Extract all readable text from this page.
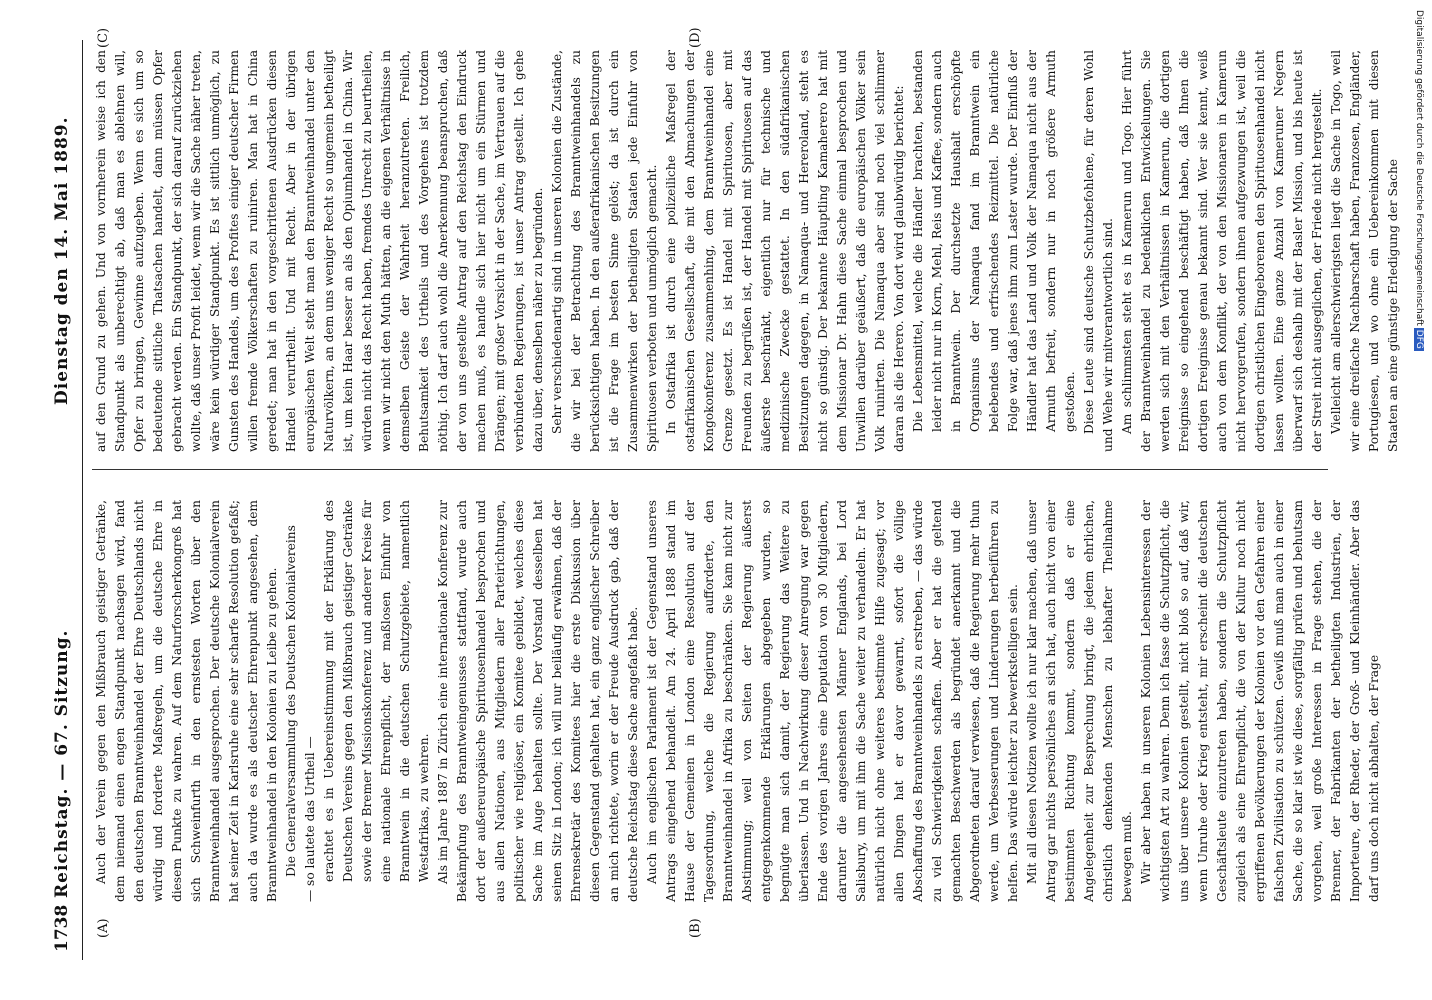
1738
Reichstag. — 67. Sitzung.
Dienstag den 14. Mai 1889.
(A)	(B)
(C)	(D)

Auch der Verein gegen den Mißbrauch geistiger Getränke, dem niemand einen engen Standpunkt nachsagen wird, fand den deutschen Branntweinhandel der Ehre Deutschlands nicht würdig und forderte Maßregeln, um die deutsche Ehre in diesem Punkte zu wahren. Auf dem Naturforscherkongreß hat sich Schweinfurth in den ernstesten Worten über den Branntweinhandel ausgesprochen. Der deutsche Kolonialverein hat seiner Zeit in Karlsruhe eine sehr scharfe Resolution gefaßt; auch da wurde es als deutscher Ehrenpunkt angesehen, dem Branntweinhandel in den Kolonien zu Leibe zu gehen. Die Generalversammlung des Deutschen Kolonialvereins — so lautete das Urtheil — erachtet es in Uebereinstimmung mit der Erklärung des Deutschen Vereins gegen den Mißbrauch geistiger Getränke sowie der Bremer Missionskonferenz und anderer Kreise für eine nationale Ehrenpflicht, der maßlosen Einfuhr von Branntwein in die deutschen Schutzgebiete, namentlich Westafrikas, zu wehren. Als im Jahre 1887 in Zürich eine internationale Konferenz zur Bekämpfung des Branntweingenusses stattfand, wurde auch dort der außereuropäische Spirituosenhandel besprochen und aus allen Nationen, aus Mitgliedern aller Parteirichtungen, politischer wie religiöser, ein Komitee gebildet, welches diese Sache im Auge behalten sollte. Der Vorstand desselben hat seinen Sitz in London; ich will nur beiläufig erwähnen, daß der Ehrensekretär des Komitees hier die erste Diskussion über diesen Gegenstand gehalten hat, ein ganz englischer Schreiber an mich richtete, worin er der Freude Ausdruck gab, daß der deutsche Reichstag diese Sache angefaßt habe. Auch im englischen Parlament ist der Gegenstand unseres Antrags eingehend behandelt. Am 24. April 1888 stand im Hause der Gemeinen in London eine Resolution auf der Tagesordnung, welche die Regierung aufforderte, den Branntweinhandel in Afrika zu beschränken. Sie kam nicht zur Abstimmung; weil von Seiten der Regierung äußerst entgegenkommende Erklärungen abgegeben wurden, so begnügte man sich damit, der Regierung das Weitere zu überlassen. Und in Nachwirkung dieser Anregung war gegen Ende des vorigen Jahres eine Deputation von 30 Mitgliedern, darunter die angesehensten Männer Englands, bei Lord Salisbury, um mit ihm die Sache weiter zu verhandeln. Er hat natürlich nicht ohne weiteres bestimmte Hilfe zugesagt; vor allen Dingen hat er davor gewarnt, sofort die völlige Abschaffung des Branntweinhandels zu erstreben, — das würde zu viel Schwierigkeiten schaffen. Aber er hat die geltend gemachten Beschwerden als begründet anerkannt und die Abgeordneten darauf verwiesen, daß die Regierung mehr thun werde, um Verbesserungen und Linderungen herbeiführen zu helfen. Das würde leichter zu bewerkstelligen sein. Mit all diesen Notizen wollte ich nur klar machen, daß unser Antrag gar nichts persönliches an sich hat, auch nicht von einer bestimmten Richtung kommt, sondern daß er eine Angelegenheit zur Besprechung bringt, die jedem ehrlichen, christlich denkenden Menschen zu lebhafter Theilnahme bewegen muß. Wir aber haben in unseren Kolonien Lebensinteressen der wichtigsten Art zu wahren. Denn ich fasse die Schutzpflicht, die uns über unsere Kolonien gestellt, nicht bloß so auf, daß wir, wenn Unruhe oder Krieg entsteht, mir erscheint die deutschen Geschäftsleute einzutreten haben, sondern die Schutzpflicht zugleich als eine Ehrenpflicht, die von der Kultur noch nicht ergriffenen Bevölkerungen der Kolonien vor den Gefahren einer falschen Zivilisation zu schützen. Gewiß muß man auch in einer Sache, die so klar ist wie diese, sorgfältig prüfen und behutsam vorgehen, weil große Interessen in Frage stehen, die der Brenner, der Fabrikanten der betheiligten Industrien, der Importeure, der Rheder, der Groß- und Kleinhändler. Aber das darf uns doch nicht abhalten, der Frage

auf den Grund zu gehen. Und von vornherein weise ich den Standpunkt als unberechtigt ab, daß man es ablehnen will, Opfer zu bringen, Gewinne aufzugeben. Wenn es sich um so bedeutende sittliche Thatsachen handelt, dann müssen Opfer gebracht werden. Ein Standpunkt, der sich darauf zurückziehen wollte, daß unser Profit leidet, wenn wir die Sache näher treten, wäre kein würdiger Standpunkt. Es ist sittlich unmöglich, zu Gunsten des Handels, um des Profites einiger deutscher Firmen willen fremde Völkerschaften zu ruiniren. Man hat in China geredet; man hat in den vorgeschrittenen Ausdrücken diesen Handel verurtheilt. Und mit Recht. Aber in der übrigen europäischen Welt steht man den Branntweinhandel unter den Naturvölkern, an dem uns weniger Recht so ungemein betheiligt ist, um kein Haar besser an als den Opiumhandel in China. Wir würden nicht das Recht haben, fremdes Unrecht zu beurtheilen, wenn wir nicht den Muth hätten, an die eigenen Verhältnisse in demselben Geiste der Wahrheit heranzutreten. Freilich, Behutsamkeit des Urtheils und des Vorgehens ist trotzdem nöthig. Ich darf auch wohl die Anerkennung beanspruchen, daß der von uns gestellte Antrag auf den Reichstag den Eindruck machen muß, es handle sich hier nicht um ein Stürmen und Drängen; mit großer Vorsicht in der Sache, im Vertrauen auf die verbündeten Regierungen, ist unser Antrag gestellt. Ich gehe dazu über, denselben näher zu begründen. Sehr verschiedenartig sind in unseren Kolonien die Zustände, die wir bei der Betrachtung des Branntweinhandels zu berücksichtigen haben. In den außerafrikanischen Besitzungen ist die Frage im besten Sinne gelöst; da ist durch ein Zusammenwirken der betheiligten Staaten jede Einfuhr von Spirituosen verboten und unmöglich gemacht. In Ostafrika ist durch eine polizeiliche Maßregel der ostafrikanischen Gesellschaft, die mit den Abmachungen der Kongokonferenz zusammenhing, dem Branntweinhandel eine Grenze gesetzt. Es ist Handel mit Spirituosen, aber mit Freunden zu begrüßen ist, der Handel mit Spirituosen auf das äußerste beschränkt, eigentlich nur für technische und medizinische Zwecke gestattet. In den südafrikanischen Besitzungen dagegen, in Namaqua- und Hereroland, steht es nicht so günstig. Der bekannte Häuptling Kamaherero hat mit dem Missionar Dr. Hahn diese Sache einmal besprochen und Unwillen darüber geäußert, daß die europäischen Völker sein Volk ruinirten. Die Namaqua aber sind noch viel schlimmer daran als die Herero. Von dort wird glaubwürdig berichtet: Die Lebensmittel, welche die Händler brachten, bestanden leider nicht nur in Korn, Mehl, Reis und Kaffee, sondern auch in Branntwein. Der durchsetzte Haushalt erschöpfte Organismus der Namaqua fand im Branntwein ein belebendes und erfrischendes Reizmittel. Die natürliche Folge war, daß jenes ihm zum Laster wurde. Der Einfluß der Händler hat das Land und Volk der Namaqua nicht aus der Armuth befreit, sondern nur in noch größere Armuth gestoßen. Diese Leute sind deutsche Schutzbefohlene, für deren Wohl und Wehe wir mitverantwortlich sind. Am schlimmsten steht es in Kamerun und Togo. Hier führt der Branntweinhandel zu bedenklichen Entwickelungen. Sie werden sich mit den Verhältnissen in Kamerun, die dortigen Ereignisse so eingehend beschäftigt haben, daß Ihnen die dortigen Ereignisse genau bekannt sind. Wer sie kennt, weiß auch von dem Konflikt, der von den Missionaren in Kamerun nicht hervorgerufen, sondern ihnen aufgezwungen ist, weil die dortigen christlichen Eingeborenen den Spirituosenhandel nicht lassen wollten. Eine ganze Anzahl von Kameruner Negern überwarf sich deshalb mit der Basler Mission, und bis heute ist der Streit nicht ausgeglichen, der Friede nicht hergestellt. Vielleicht am allerschwierigsten liegt die Sache in Togo, weil wir eine dreifache Nachbarschaft haben, Franzosen, Engländer, Portugiesen, und wo ohne ein Uebereinkommen mit diesen Staaten an eine günstige Erledigung der Sache	Digitalisierung gefördert durch die Deutsche ForschungsgemeinschaftDFG
